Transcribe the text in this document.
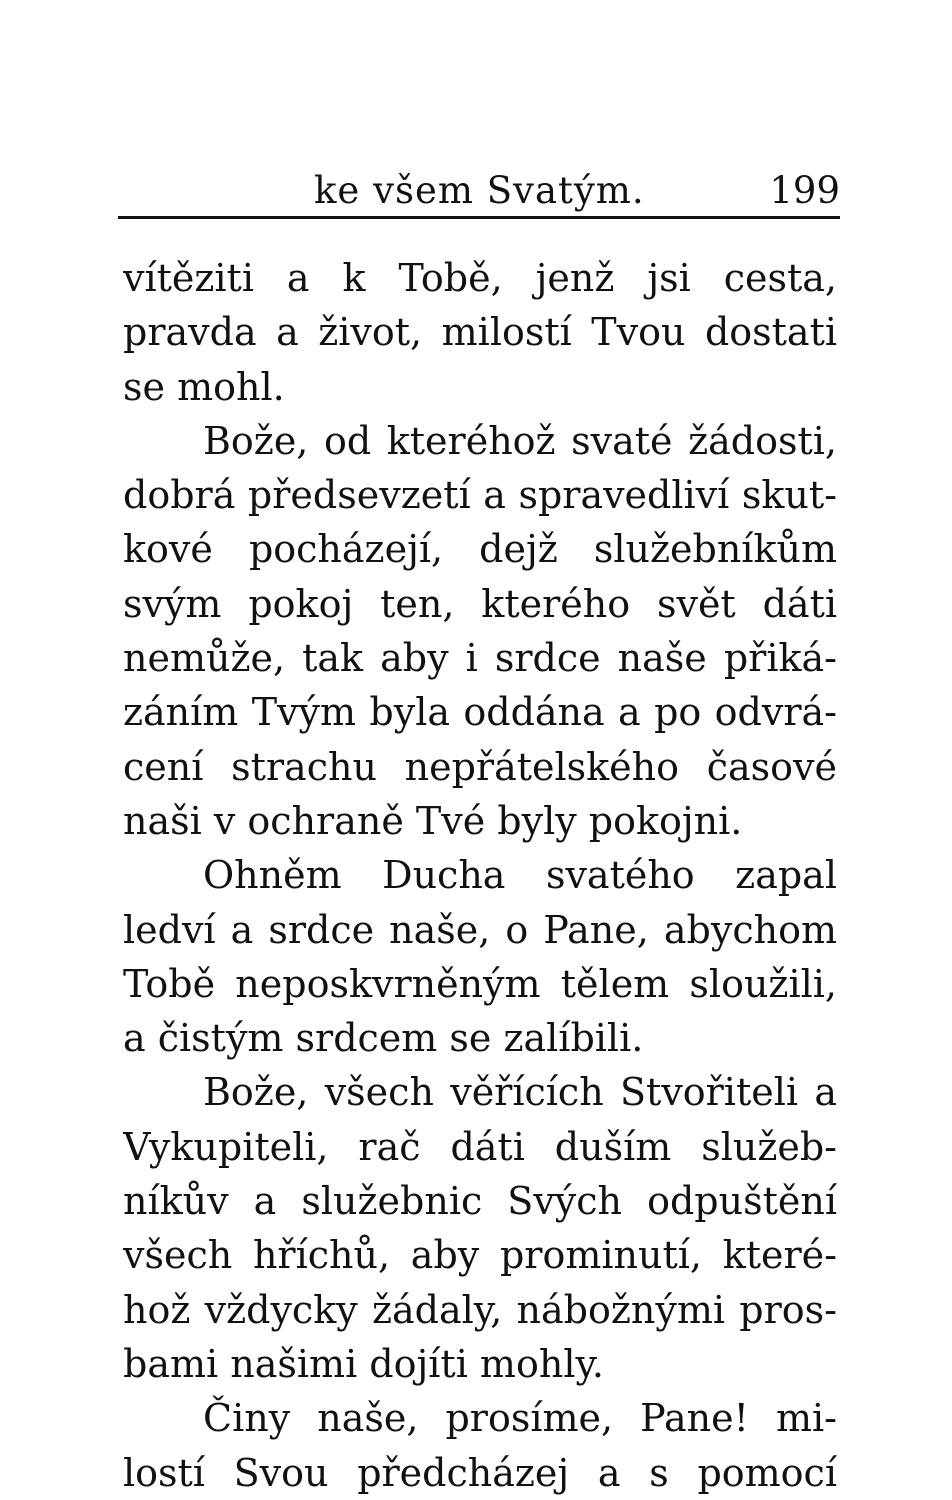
ke všem Svatým.	199
vítěziti a k Tobě, jenž jsi cesta,
pravda a život, milostí Tvou dostati
se mohl.
Bože, od kteréhož svaté žádosti,
dobrá předsevzetí a spravedliví skut-
kové pocházejí, dejž služebníkům
svým pokoj ten, kterého svět dáti
nemůže, tak aby i srdce naše přiká-
záním Tvým byla oddána a po odvrá-
cení strachu nepřátelského časové
naši v ochraně Tvé byly pokojni.
Ohněm Ducha svatého zapal
ledví a srdce naše, o Pane, abychom
Tobě neposkvrněným tělem sloužili,
a čistým srdcem se zalíbili.
Bože, všech věřících Stvořiteli a
Vykupiteli, rač dáti duším služeb-
níkův a služebnic Svých odpuštění
všech hříchů, aby prominutí, které-
hož vždycky žádaly, nábožnými pros-
bami našimi dojíti mohly.
Činy naše, prosíme, Pane! mi-
lostí Svou předcházej a s pomocí
